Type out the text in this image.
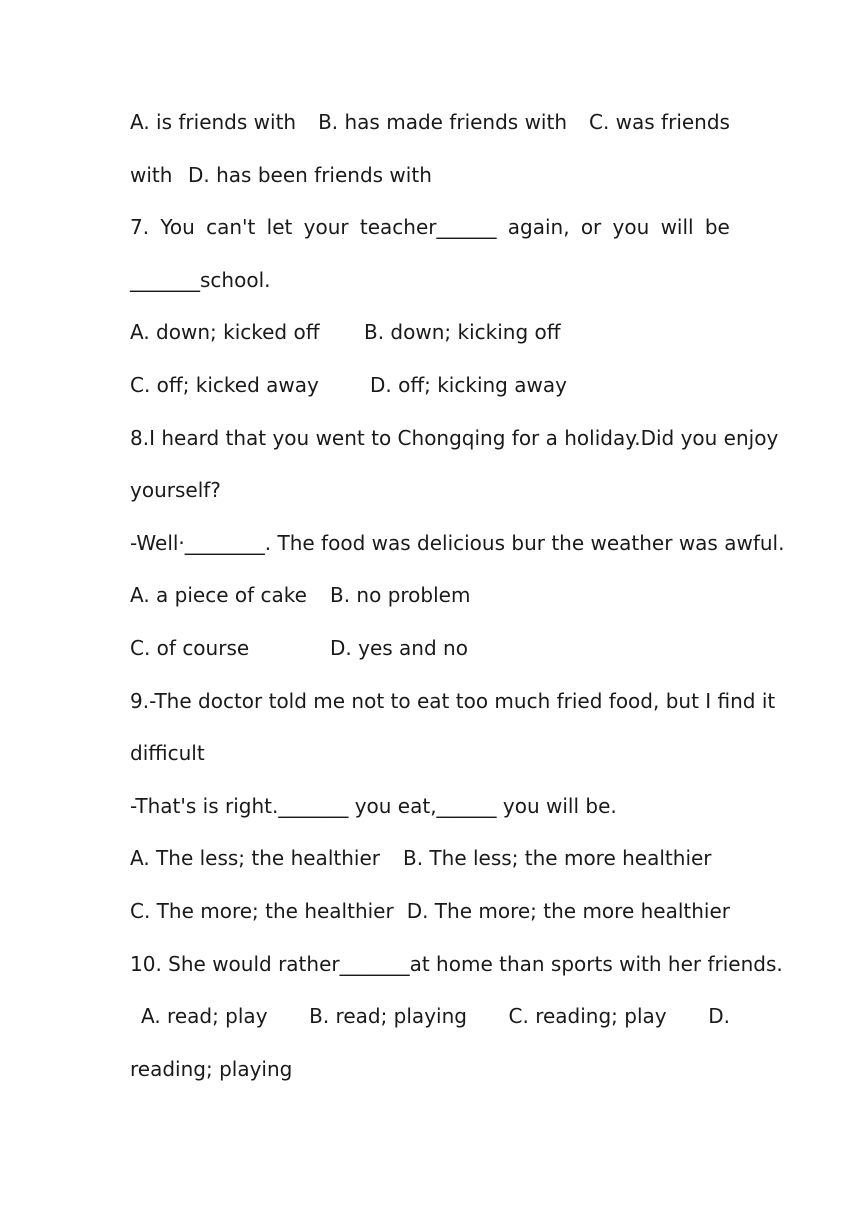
A. is friends with B. has made friends with C. was friends
with D. has been friends with
7. You can't let your teacher______ again, or you will be
_______school.
A. down; kicked off	B. down; kicking off
C. off; kicked away	D. off; kicking away
8.I heard that you went to Chongqing for a holiday.Did you enjoy
yourself?
-Well·________. The food was delicious bur the weather was awful.
A. a piece of cake	B. no problem
C. of course	D. yes and no
9.-The doctor told me not to eat too much fried food, but I find it
difficult
-That's is right._______ you eat,______ you will be.
A. The less; the healthier	B. The less; the more healthier
C. The more; the healthier D. The more; the more healthier
10. She would rather_______at home than sports with her friends.
A. read; play B. read; playing C. reading; play D.
reading; playing
